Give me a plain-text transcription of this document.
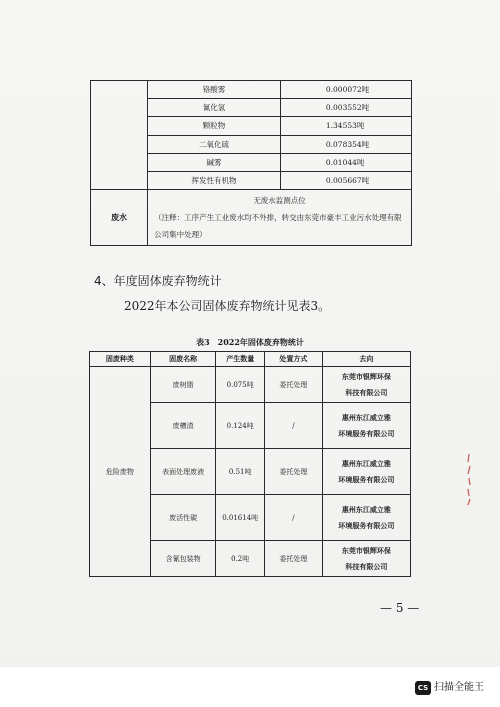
	铬酸雾	0.000072吨
	氰化氢	0.003552吨
	颗粒物	1.34553吨
	二氧化硫	0.078354吨
	碱雾	0.01044吨
	挥发性有机物	0.005667吨
废水	无废水监测点位
（注释：工序产生工业废水均不外排，转交由东莞市豪丰工业污水处理有限公司集中处理）	
4、年度固体废弃物统计
2022年本公司固体废弃物统计见表3。
表3　2022年固体废弃物统计
固废种类	固废名称	产生数量	处置方式	去向
危险废物	废树脂	0.075吨	委托处理	东莞市银辉环保
科技有限公司
	废槽渣	0.124吨	/	惠州东江威立雅
环境服务有限公司
	表面处理废液	0.51吨	委托处理	惠州东江威立雅
环境服务有限公司
	废活性碳	0.01614吨	/	惠州东江威立雅
环境服务有限公司
	含氰包装物	0.2吨	委托处理	东莞市银辉环保
科技有限公司
— 5 —
CS 扫描全能王
